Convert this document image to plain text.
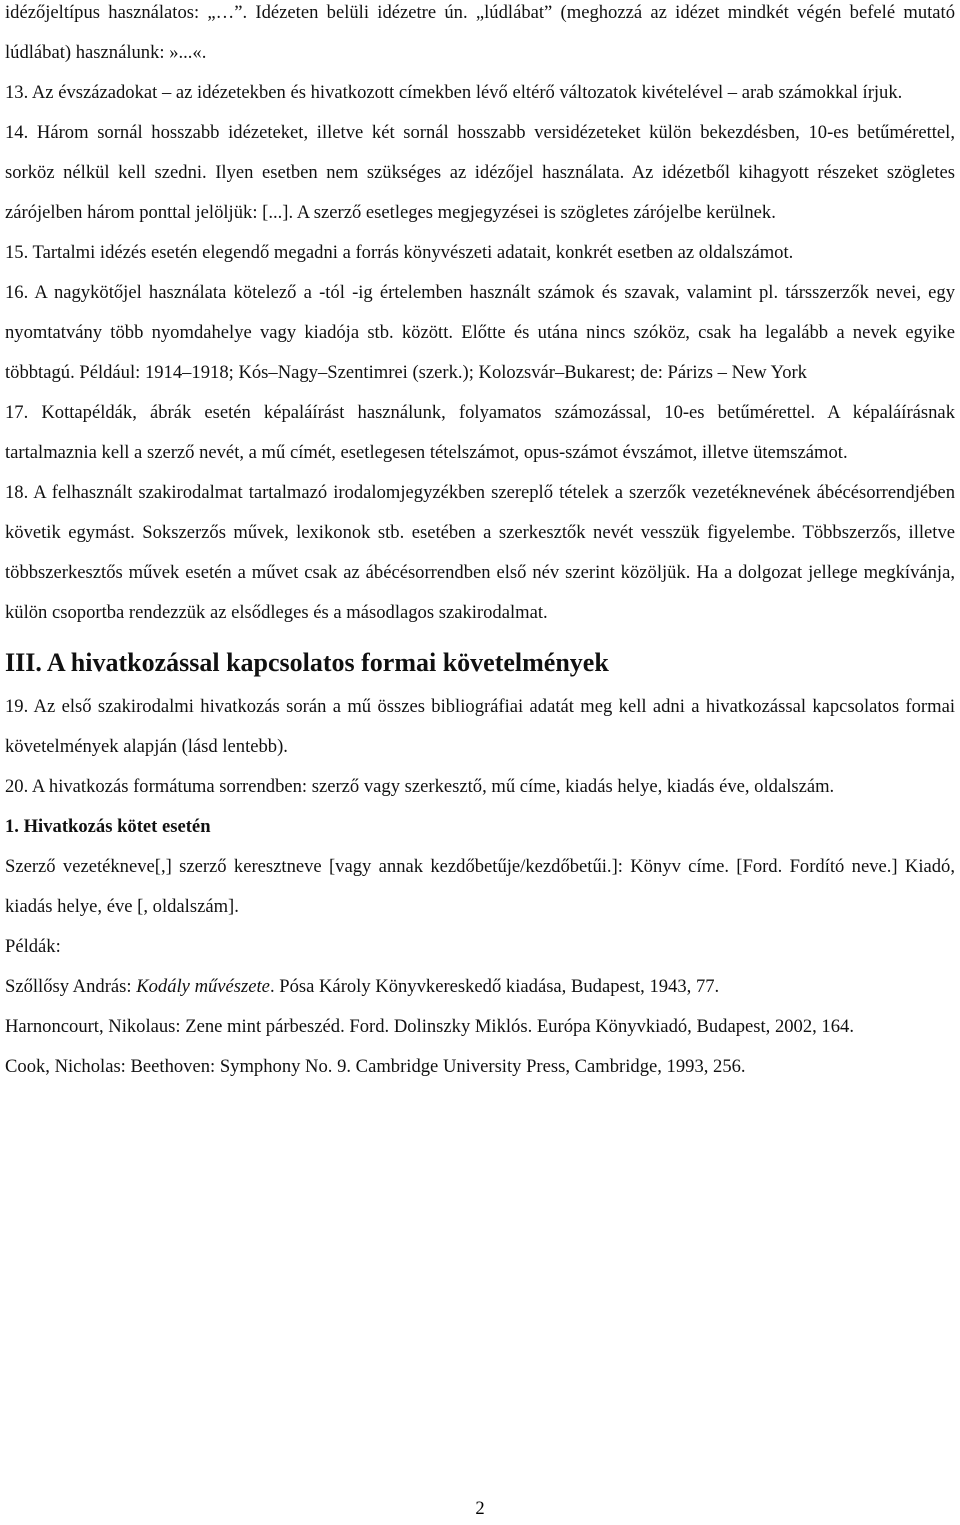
idézőjeltípus használatos: „…”. Idézeten belüli idézetre ún. „lúdlábat” (meghozzá az idézet mindkét végén befelé mutató lúdlábat) használunk: »...«.

13. Az évszázadokat – az idézetekben és hivatkozott címekben lévő eltérő változatok kivételével – arab számokkal írjuk.

14. Három sornál hosszabb idézeteket, illetve két sornál hosszabb versidézeteket külön bekezdésben, 10-es betűmérettel, sorköz nélkül kell szedni. Ilyen esetben nem szükséges az idézőjel használata. Az idézetből kihagyott részeket szögletes zárójelben három ponttal jelöljük: [...]. A szerző esetleges megjegyzései is szögletes zárójelbe kerülnek.

15. Tartalmi idézés esetén elegendő megadni a forrás könyvészeti adatait, konkrét esetben az oldalszámot.

16. A nagykötőjel használata kötelező a -tól -ig értelemben használt számok és szavak, valamint pl. társszerzők nevei, egy nyomtatvány több nyomdahelye vagy kiadója stb. között. Előtte és utána nincs szóköz, csak ha legalább a nevek egyike többtagú. Például: 1914–1918; Kós–Nagy–Szentimrei (szerk.); Kolozsvár–Bukarest; de: Párizs – New York

17. Kottapéldák, ábrák esetén képaláírást használunk, folyamatos számozással, 10-es betűmérettel. A képaláírásnak tartalmaznia kell a szerző nevét, a mű címét, esetlegesen tételszámot, opus-számot évszámot, illetve ütemszámot.

18. A felhasznált szakirodalmat tartalmazó irodalomjegyzékben szereplő tételek a szerzők vezetéknevének ábécésorrendjében követik egymást. Sokszerzős művek, lexikonok stb. esetében a szerkesztők nevét vesszük figyelembe. Többszerzős, illetve többszerkesztős művek esetén a művet csak az ábécésorrendben első név szerint közöljük. Ha a dolgozat jellege megkívánja, külön csoportba rendezzük az elsődleges és a másodlagos szakirodalmat.

III. A hivatkozással kapcsolatos formai követelmények

19. Az első szakirodalmi hivatkozás során a mű összes bibliográfiai adatát meg kell adni a hivatkozással kapcsolatos formai követelmények alapján (lásd lentebb).

20. A hivatkozás formátuma sorrendben: szerző vagy szerkesztő, mű címe, kiadás helye, kiadás éve, oldalszám.

1. Hivatkozás kötet esetén

Szerző vezetékneve[,] szerző keresztneve [vagy annak kezdőbetűje/kezdőbetűi.]: Könyv címe. [Ford. Fordító neve.] Kiadó, kiadás helye, éve [, oldalszám].

Példák:

Szőllősy András: Kodály művészete. Pósa Károly Könyvkereskedő kiadása, Budapest, 1943, 77.

Harnoncourt, Nikolaus: Zene mint párbeszéd. Ford. Dolinszky Miklós. Európa Könyvkiadó, Budapest, 2002, 164.

Cook, Nicholas: Beethoven: Symphony No. 9. Cambridge University Press, Cambridge, 1993, 256.

2
